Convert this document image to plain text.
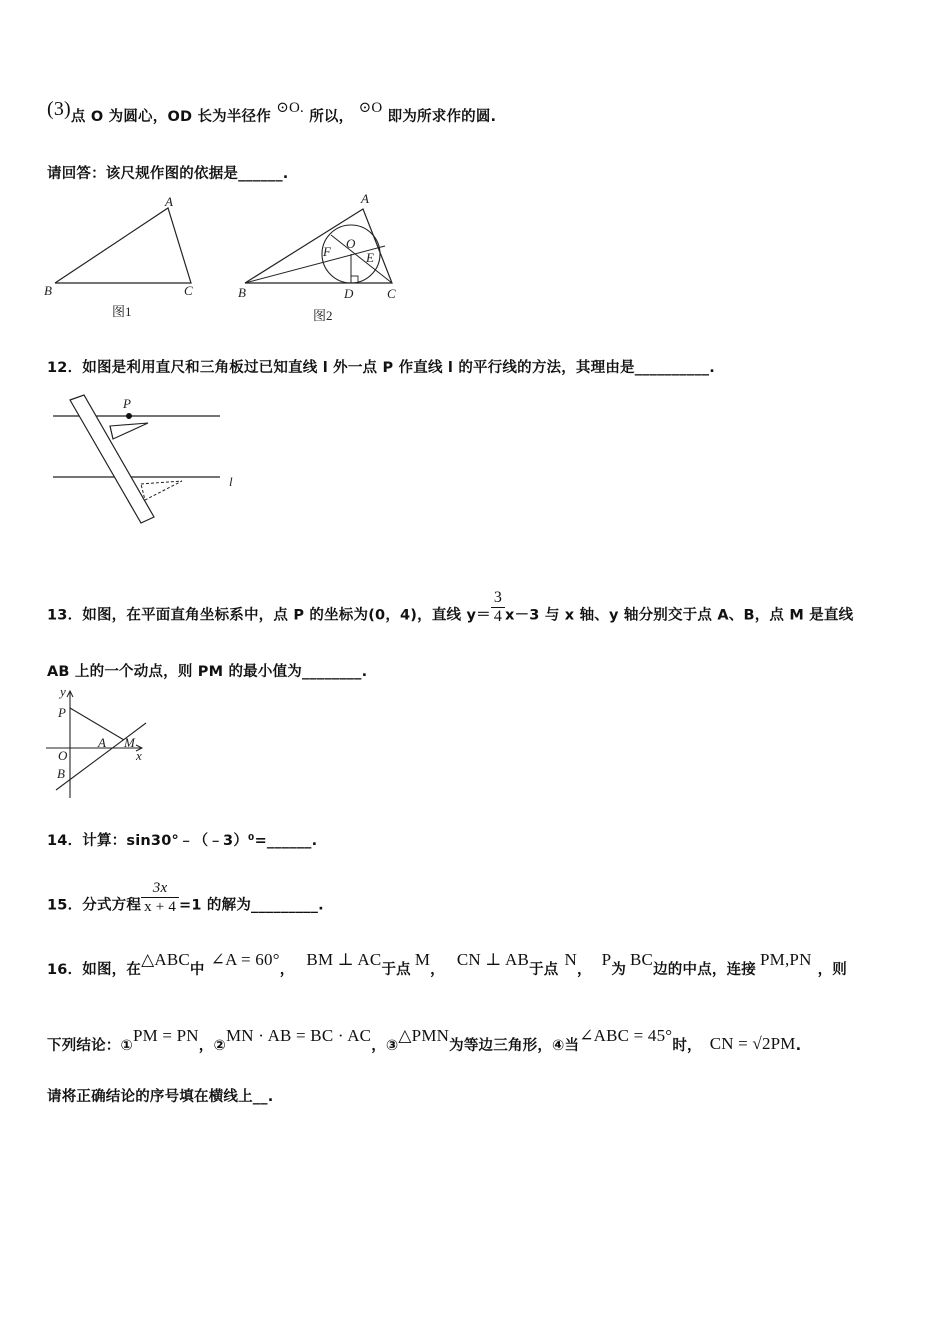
(3)点 O 为圆心，OD 长为半径作 ⊙O. 所以， ⊙O 即为所求作的圆.
请回答：该尺规作图的依据是______.
A
B	C
图1
A
O
F	E
B	D	C
图2
12．如图是利用直尺和三角板过已知直线 l 外一点 P 作直线 l 的平行线的方法，其理由是__________.
P
l
13．如图，在平面直角坐标系中，点 P 的坐标为(0，4)，直线 $y= \frac{3}{4} x-3$ 与 x 轴、y 轴分别交于点 A、B，点 M 是直线
AB 上的一个动点，则 PM 的最小值为________.
y
P
O
A M
x
B
14．计算：sin30°﹣（﹣3）⁰=______.
15．分式方程 $\frac{3x}{x + 4} =1$ 的解为_________.
16．如图，在△ABC中∠A = 60°，BM ⊥ AC于点M，CN ⊥ AB于点N，P为BC边的中点，连接PM,PN，则
下列结论：①PM = PN，②MN · AB = BC · AC，③△PMN为等边三角形，④当∠ABC = 45°时， CN = √2PM.
请将正确结论的序号填在横线上__.
